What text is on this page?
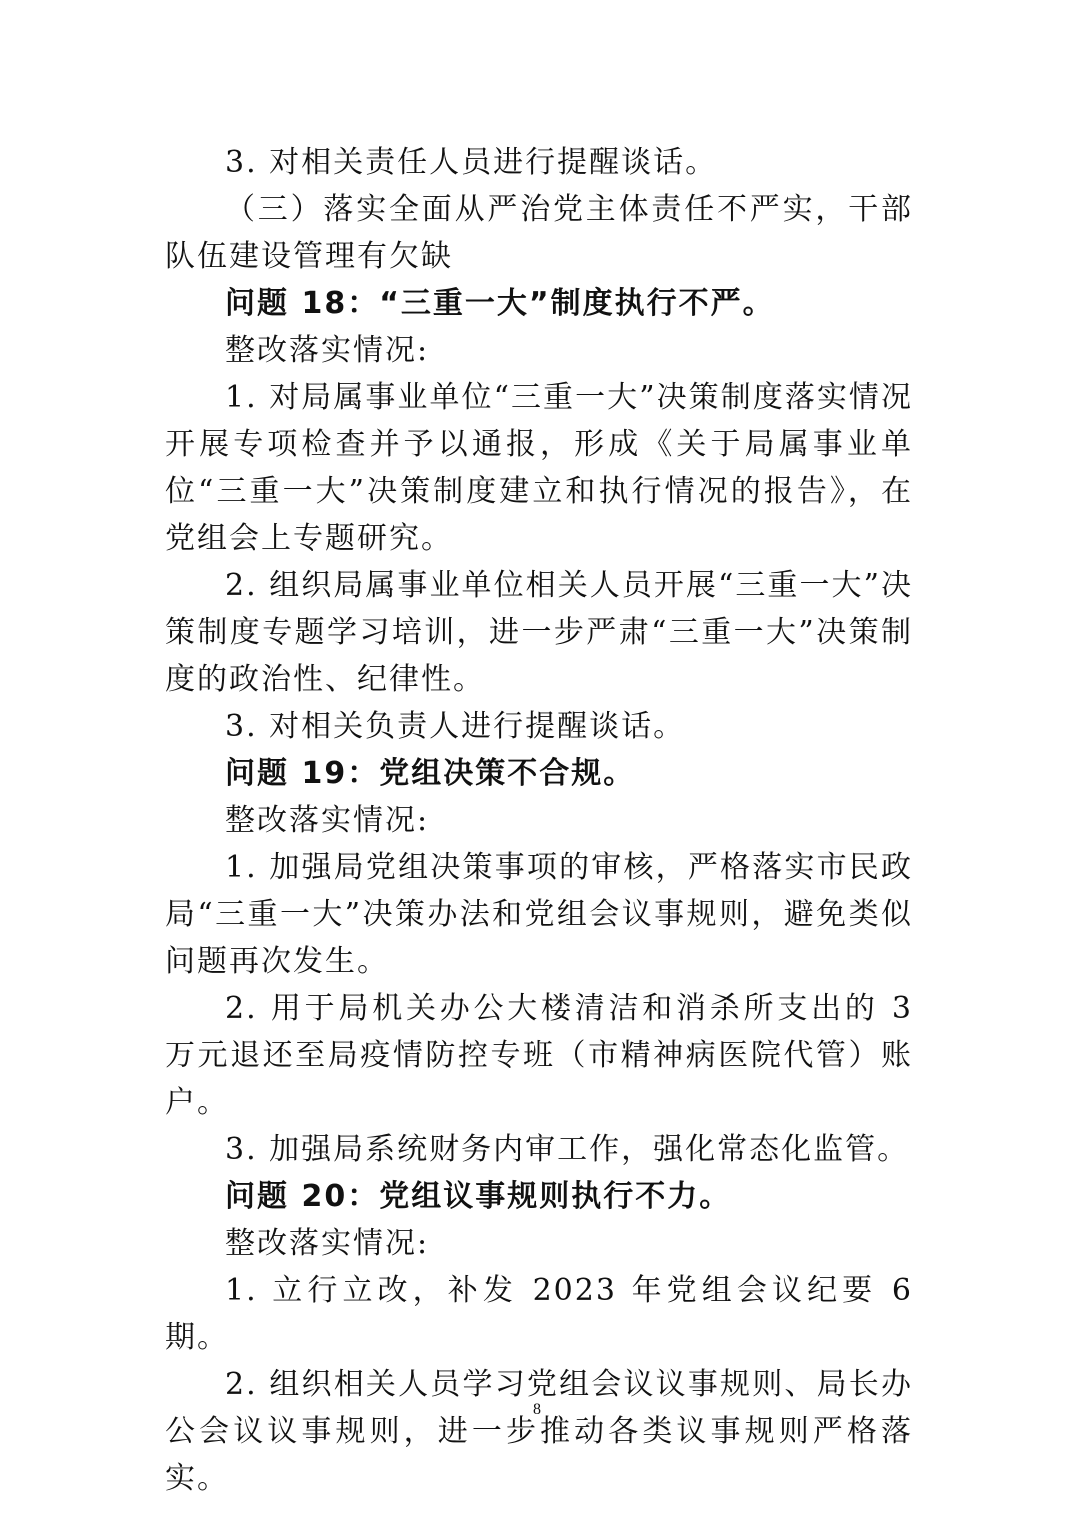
3. 对相关责任人员进行提醒谈话。

（三）落实全面从严治党主体责任不严实，干部队伍建设管理有欠缺

问题 18：“三重一大”制度执行不严。

整改落实情况:

1. 对局属事业单位“三重一大”决策制度落实情况开展专项检查并予以通报，形成《关于局属事业单位“三重一大”决策制度建立和执行情况的报告》，在党组会上专题研究。

2. 组织局属事业单位相关人员开展“三重一大”决策制度专题学习培训，进一步严肃“三重一大”决策制度的政治性、纪律性。

3. 对相关负责人进行提醒谈话。

问题 19：党组决策不合规。

整改落实情况:

1. 加强局党组决策事项的审核，严格落实市民政局“三重一大”决策办法和党组会议事规则，避免类似问题再次发生。

2. 用于局机关办公大楼清洁和消杀所支出的 3 万元退还至局疫情防控专班（市精神病医院代管）账户。

3. 加强局系统财务内审工作，强化常态化监管。

问题 20：党组议事规则执行不力。

整改落实情况:

1. 立行立改，补发 2023 年党组会议纪要 6 期。

2. 组织相关人员学习党组会议议事规则、局长办公会议议事规则，进一步推动各类议事规则严格落实。

8
